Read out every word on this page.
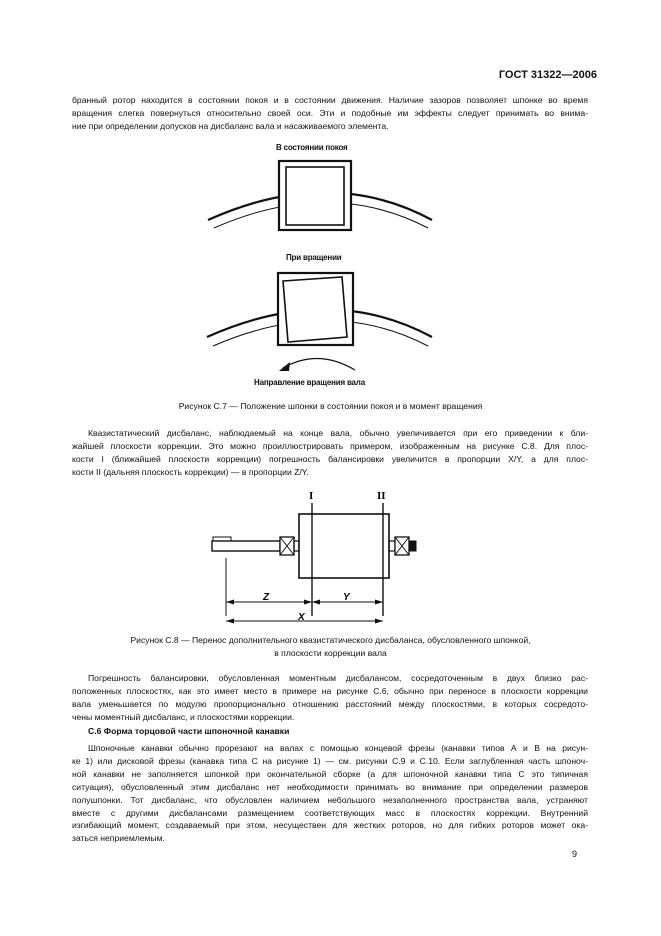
ГОСТ 31322—2006
бранный ротор находится в состоянии покоя и в состоянии движения. Наличие зазоров позволяет шпонке во время
вращения слегка повернуться относительно своей оси. Эти и подобные им эффекты следует принимать во внима-
ние при определении допусков на дисбаланс вала и насаживаемого элемента.
В состоянии покоя
При вращении
Направление вращения вала
Рисунок С.7 — Положение шпонки в состоянии покоя и в момент вращения
Квазистатический дисбаланс, наблюдаемый на конце вала, обычно увеличивается при его приведении к бли-
жайшей плоскости коррекции. Это можно проиллюстрировать примером, изображенным на рисунке С.8. Для плос-
кости I (ближайшей плоскости коррекции) погрешность балансировки увеличится в пропорции X/Y, а для плос-
кости II (дальняя плоскость коррекции) — в пропорции Z/Y.
I	II
Z	Y
X
Рисунок С.8 — Перенос дополнительного квазистатического дисбаланса, обусловленного шпонкой,
в плоскости коррекции вала
Погрешность балансировки, обусловленная моментным дисбалансом, сосредоточенным в двух близко рас-
положенных плоскостях, как это имеет место в примере на рисунке С.6, обычно при переносе в плоскости коррекции
вала уменьшается по модулю пропорционально отношению расстояний между плоскостями, в которых сосредото-
чены моментный дисбаланс, и плоскостями коррекции.
С.6 Форма торцовой части шпоночной канавки
Шпоночные канавки обычно прорезают на валах с помощью концевой фрезы (канавки типов А и В на рисун-
ке 1) или дисковой фрезы (канавка типа С на рисунке 1) — см. рисунки С.9 и С.10. Если заглубленная часть шпоноч-
ной канавки не заполняется шпонкой при окончательной сборке (а для шпоночной канавки типа С это типичная
ситуация), обусловленный этим дисбаланс нет необходимости принимать во внимание при определении размеров
полушпонки. Тот дисбаланс, что обусловлен наличием небольшого незаполненного пространства вала, устраняют
вместе с другими дисбалансами размещением соответствующих масс в плоскостях коррекции. Внутренний
изгибающий момент, создаваемый при этом, несуществен для жестких роторов, но для гибких роторов может ока-
заться неприемлемым.
9
